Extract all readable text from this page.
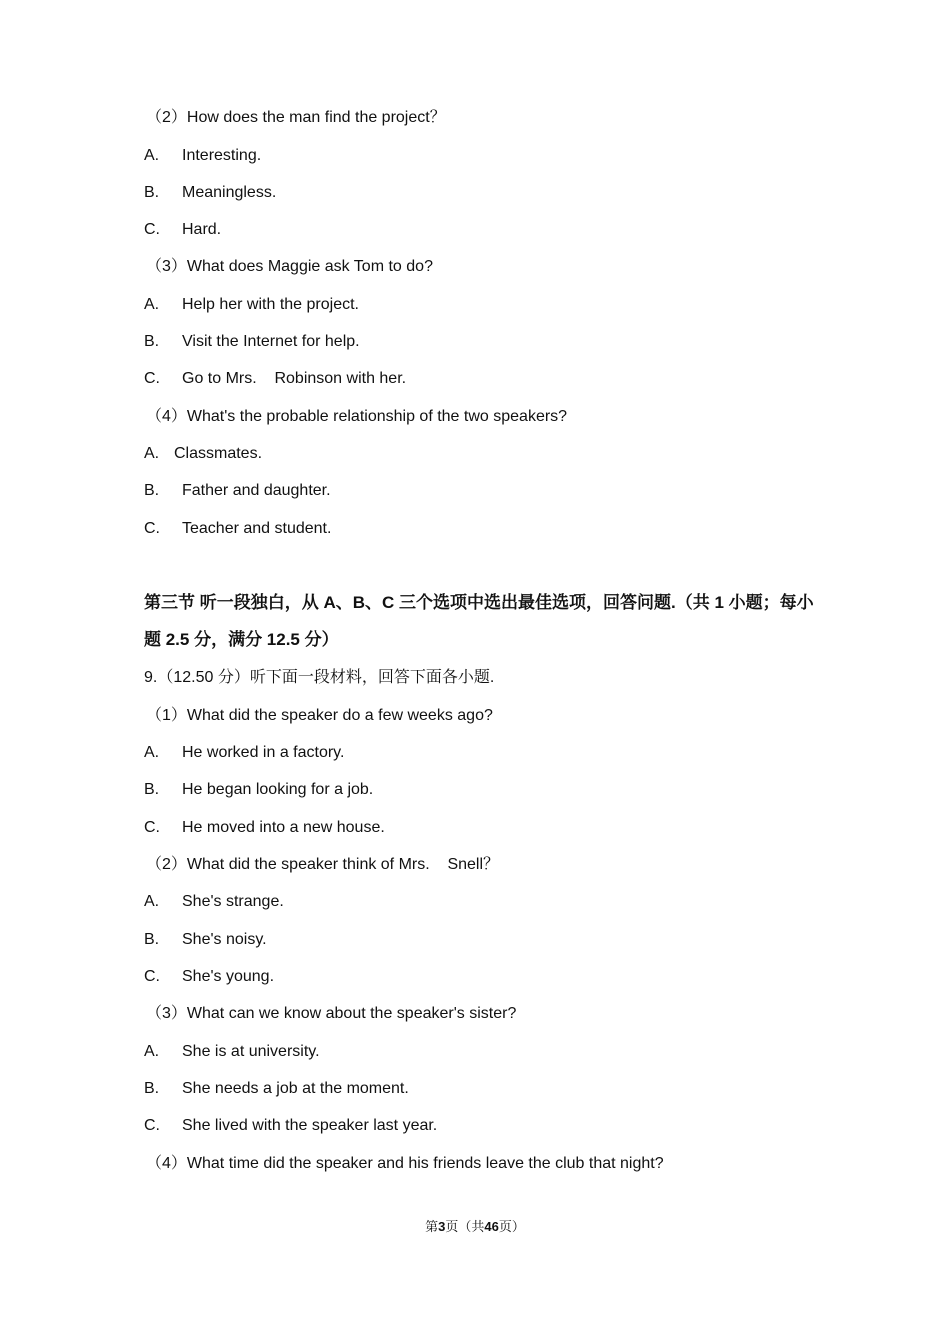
（2）How does the man find the project？
A. Interesting.
B. Meaningless.
C. Hard.
（3）What does Maggie ask Tom to do?
A. Help her with the project.
B. Visit the Internet for help.
C. Go to Mrs.    Robinson with her.
（4）What's the probable relationship of the two speakers?
A. Classmates.
B. Father and daughter.
C. Teacher and student.
第三节 听一段独白，从 A、B、C 三个选项中选出最佳选项，回答问题.（共 1 小题；每小题 2.5 分，满分 12.5 分）
9.（12.50 分）听下面一段材料，回答下面各小题.
（1）What did the speaker do a few weeks ago?
A. He worked in a factory.
B. He began looking for a job.
C. He moved into a new house.
（2）What did the speaker think of Mrs.    Snell？
A. She's strange.
B. She's noisy.
C. She's young.
（3）What can we know about the speaker's sister?
A. She is at university.
B. She needs a job at the moment.
C. She lived with the speaker last year.
（4）What time did the speaker and his friends leave the club that night?
第3页（共46页）
